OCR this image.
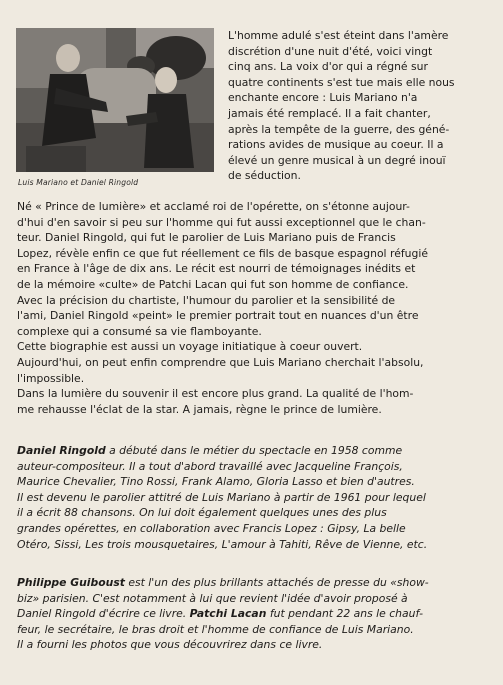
Luis Mariano et Daniel Ringold
L'homme adulé s'est éteint dans l'amère
discrétion d'une nuit d'été, voici vingt
cinq ans. La voix d'or qui a régné sur
quatre continents s'est tue mais elle nous
enchante encore : Luis Mariano n'a
jamais été remplacé. Il a fait chanter,
après la tempête de la guerre, des géné-
rations avides de musique au coeur. Il a
élevé un genre musical à un degré inouï
de séduction.
Né « Prince de lumière» et acclamé roi de l'opérette, on s'étonne aujour-
d'hui d'en savoir si peu sur l'homme qui fut aussi exceptionnel que le chan-
teur. Daniel Ringold, qui fut le parolier de Luis Mariano puis de Francis
Lopez, révèle enfin ce que fut réellement ce fils de basque espagnol réfugié
en France à l'âge de dix ans. Le récit est nourri de témoignages inédits et
de la mémoire «culte» de Patchi Lacan qui fut son homme de confiance.
Avec la précision du chartiste, l'humour du parolier et la sensibilité de
l'ami, Daniel Ringold «peint» le premier portrait tout en nuances d'un être
complexe qui a consumé sa vie flamboyante.
Cette biographie est aussi un voyage initiatique à coeur ouvert.
Aujourd'hui, on peut enfin comprendre que Luis Mariano cherchait l'absolu,
l'impossible.
Dans la lumière du souvenir il est encore plus grand. La qualité de l'hom-
me rehausse l'éclat de la star. A jamais, règne le prince de lumière.
Daniel Ringold a débuté dans le métier du spectacle en 1958 comme
auteur-compositeur. Il a tout d'abord travaillé avec Jacqueline François,
Maurice Chevalier, Tino Rossi, Frank Alamo, Gloria Lasso et bien d'autres.
Il est devenu le parolier attitré de Luis Mariano à partir de 1961 pour lequel
il a écrit 88 chansons. On lui doit également quelques unes des plus
grandes opérettes, en collaboration avec Francis Lopez : Gipsy, La belle
Otéro, Sissi, Les trois mousquetaires, L'amour à Tahiti, Rêve de Vienne, etc.
Philippe Guiboust est l'un des plus brillants attachés de presse du «show-
biz» parisien. C'est notamment à lui que revient l'idée d'avoir proposé à
Daniel Ringold d'écrire ce livre. Patchi Lacan fut pendant 22 ans le chauf-
feur, le secrétaire, le bras droit et l'homme de confiance de Luis Mariano.
Il a fourni les photos que vous découvrirez dans ce livre.
